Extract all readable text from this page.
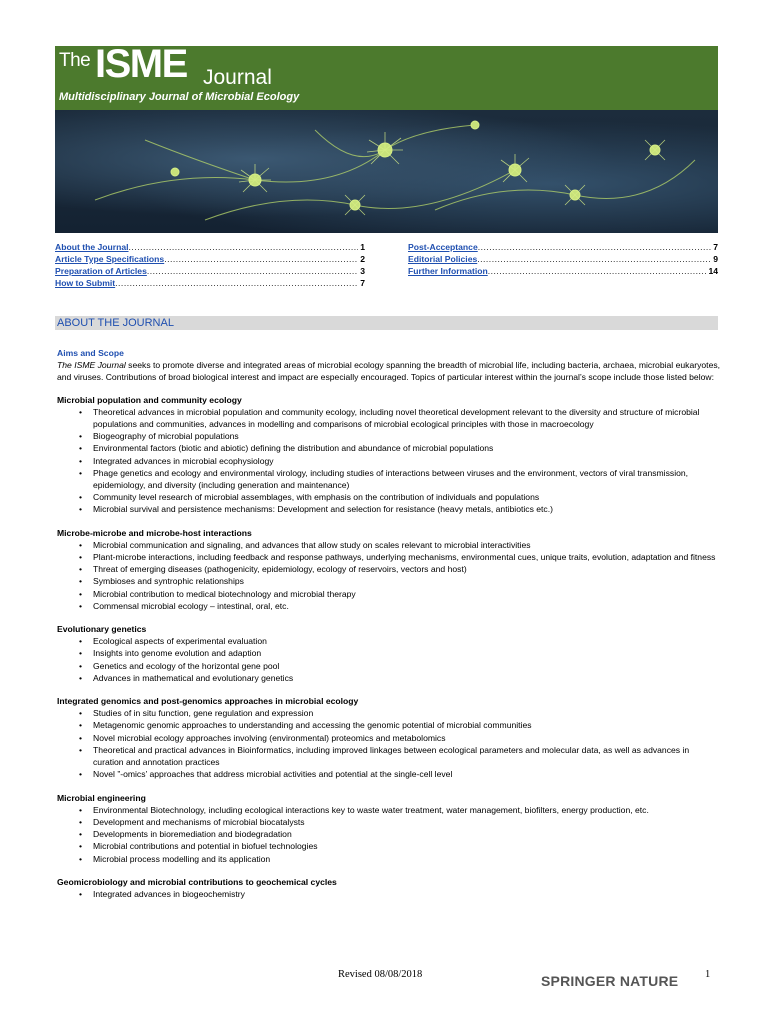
The ISME Journal
Multidisciplinary Journal of Microbial Ecology
About the Journal .....	1
Article Type Specifications .....	2
Preparation of Articles .....	3
How to Submit .....	7
Post-Acceptance .....	7
Editorial Policies .....	9
Further Information .....	14
ABOUT THE JOURNAL
Aims and Scope

The ISME Journal seeks to promote diverse and integrated areas of microbial ecology spanning the breadth of microbial life, including bacteria, archaea, microbial eukaryotes, and viruses. Contributions of broad biological interest and impact are especially encouraged. Topics of particular interest within the journal’s scope include those listed below:

Microbial population and community ecology
• Theoretical advances in microbial population and community ecology, including novel theoretical development relevant to the diversity and structure of microbial populations and communities, advances in modelling and comparisons of microbial ecological principles with those in macroecology
• Biogeography of microbial populations
• Environmental factors (biotic and abiotic) defining the distribution and abundance of microbial populations
• Integrated advances in microbial ecophysiology
• Phage genetics and ecology and environmental virology, including studies of interactions between viruses and the environment, vectors of viral transmission, epidemiology, and diversity (including generation and maintenance)
• Community level research of microbial assemblages, with emphasis on the contribution of individuals and populations
• Microbial survival and persistence mechanisms: Development and selection for resistance (heavy metals, antibiotics etc.)
Microbe-microbe and microbe-host interactions
• Microbial communication and signaling, and advances that allow study on scales relevant to microbial interactivities
• Plant-microbe interactions, including feedback and response pathways, underlying mechanisms, environmental cues, unique traits, evolution, adaptation and fitness
• Threat of emerging diseases (pathogenicity, epidemiology, ecology of reservoirs, vectors and host)
• Symbioses and syntrophic relationships
• Microbial contribution to medical biotechnology and microbial therapy
• Commensal microbial ecology – intestinal, oral, etc.
Evolutionary genetics
• Ecological aspects of experimental evaluation
• Insights into genome evolution and adaption
• Genetics and ecology of the horizontal gene pool
• Advances in mathematical and evolutionary genetics
Integrated genomics and post-genomics approaches in microbial ecology
• Studies of in situ function, gene regulation and expression
• Metagenomic genomic approaches to understanding and accessing the genomic potential of microbial communities
• Novel microbial ecology approaches involving (environmental) proteomics and metabolomics
• Theoretical and practical advances in Bioinformatics, including improved linkages between ecological parameters and molecular data, as well as advances in curation and annotation practices
• Novel ”-omics’ approaches that address microbial activities and potential at the single-cell level
Microbial engineering
• Environmental Biotechnology, including ecological interactions key to waste water treatment, water management, biofilters, energy production, etc.
• Development and mechanisms of microbial biocatalysts
• Developments in bioremediation and biodegradation
• Microbial contributions and potential in biofuel technologies
• Microbial process modelling and its application
Geomicrobiology and microbial contributions to geochemical cycles
• Integrated advances in biogeochemistry
Revised 08/08/2018	SPRINGER NATURE	1
